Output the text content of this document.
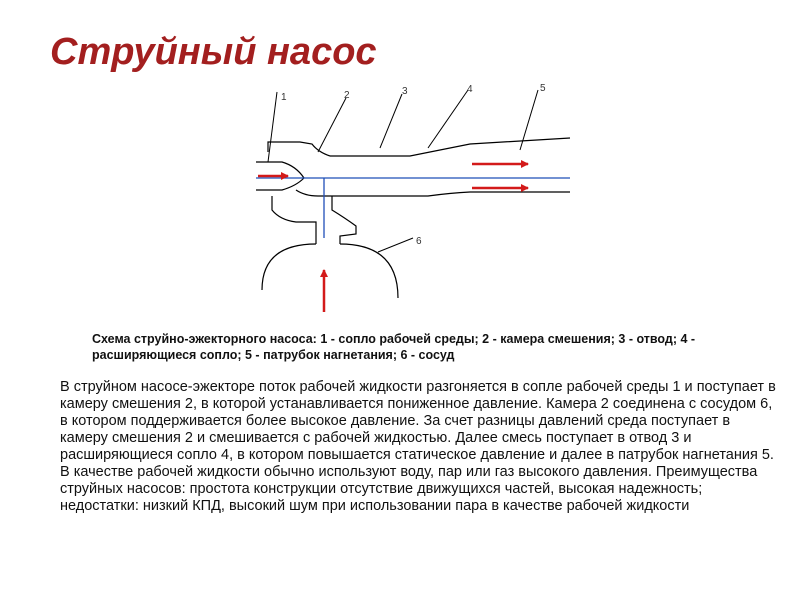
Струйный насос
1	2	3	4	5
6

Схема струйно-эжекторного насоса: 1 - сопло рабочей среды; 2 - камера смешения; 3 - отвод; 4 - расширяющиеся сопло; 5 - патрубок нагнетания; 6 - сосуд

В струйном насосе-эжекторе поток рабочей жидкости разгоняется в сопле рабочей среды 1 и поступает в камеру смешения 2, в которой устанавливается пониженное давление. Камера 2 соединена с сосудом 6, в котором поддерживается более высокое давление. За счет разницы давлений среда поступает в камеру смешения 2 и смешивается с рабочей жидкостью. Далее смесь поступает в отвод 3 и расширяющиеся сопло 4, в котором повышается статическое давление и далее в патрубок нагнетания 5. В качестве рабочей жидкости обычно используют воду, пар или газ высокого давления. Преимущества струйных насосов: простота конструкции отсутствие движущихся частей, высокая надежность; недостатки: низкий КПД, высокий шум при использовании пара в качестве рабочей жидкости
